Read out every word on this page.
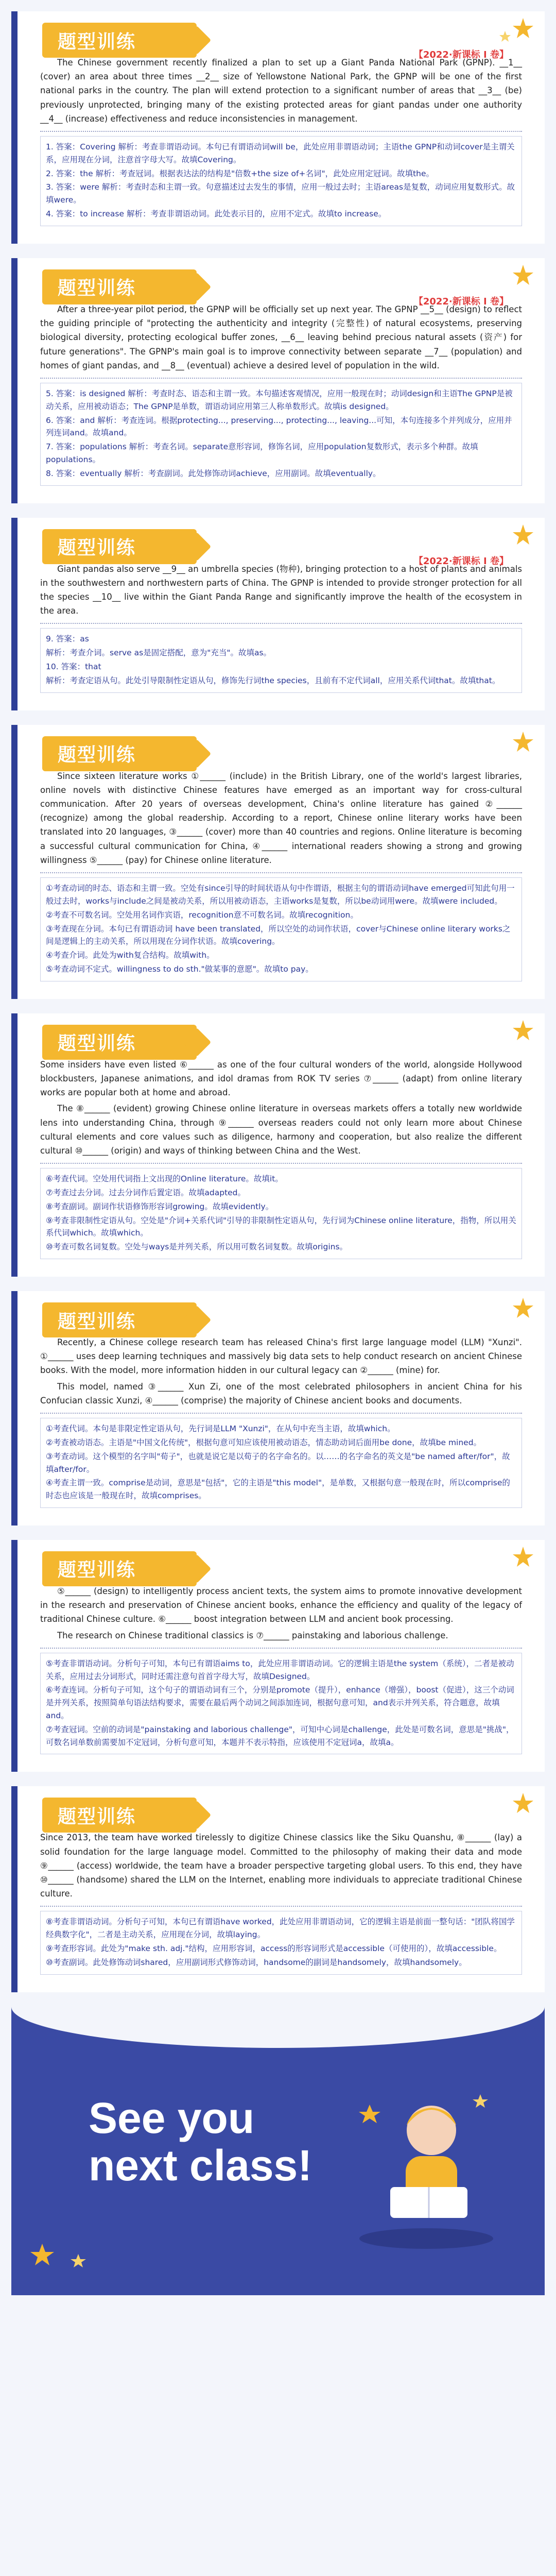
题型训练
【2022·新课标 I 卷】

The Chinese government recently finalized a plan to set up a Giant Panda National Park (GPNP). __1__ (cover) an area about three times __2__ size of Yellowstone National Park, the GPNP will be one of the first national parks in the country. The plan will extend protection to a significant number of areas that __3__ (be) previously unprotected, bringing many of the existing protected areas for giant pandas under one authority __4__ (increase) effectiveness and reduce inconsistencies in management.

1. 答案：Covering 解析：考查非谓语动词。本句已有谓语动词will be，此处应用非谓语动词；主语the GPNP和动词cover是主谓关系，应用现在分词，注意首字母大写。故填Covering。

2. 答案：the 解析：考查冠词。根据表达法的结构是"倍数+the size of+名词"，此处应用定冠词。故填the。

3. 答案：were 解析：考查时态和主谓一致。句意描述过去发生的事情，应用一般过去时；主语areas是复数，动词应用复数形式。故填were。

4. 答案：to increase 解析：考查非谓语动词。此处表示目的，应用不定式。故填to increase。

题型训练
【2022·新课标 I 卷】

After a three-year pilot period, the GPNP will be officially set up next year. The GPNP __5__ (design) to reflect the guiding principle of "protecting the authenticity and integrity (完整性) of natural ecosystems, preserving biological diversity, protecting ecological buffer zones, __6__ leaving behind precious natural assets (资产) for future generations". The GPNP's main goal is to improve connectivity between separate __7__ (population) and homes of giant pandas, and __8__ (eventual) achieve a desired level of population in the wild.

5. 答案：is designed 解析：考查时态、语态和主谓一致。本句描述客观情况，应用一般现在时；动词design和主语The GPNP是被动关系，应用被动语态；The GPNP是单数，谓语动词应用第三人称单数形式。故填is designed。

6. 答案：and 解析：考查连词。根据protecting..., preserving..., protecting..., leaving...可知，本句连接多个并列成分，应用并列连词and。故填and。

7. 答案：populations 解析：考查名词。separate意形容词，修饰名词，应用population复数形式，表示多个种群。故填populations。

8. 答案：eventually 解析：考查副词。此处修饰动词achieve，应用副词。故填eventually。

题型训练
【2022·新课标 I 卷】

Giant pandas also serve __9__ an umbrella species (物种), bringing protection to a host of plants and animals in the southwestern and northwestern parts of China. The GPNP is intended to provide stronger protection for all the species __10__ live within the Giant Panda Range and significantly improve the health of the ecosystem in the area.

9. 答案：as

解析：考查介词。serve as是固定搭配，意为"充当"。故填as。

10. 答案：that

解析：考查定语从句。此处引导限制性定语从句，修饰先行词the species，且前有不定代词all，应用关系代词that。故填that。

题型训练

Since sixteen literature works ①______ (include) in the British Library, one of the world's largest libraries, online novels with distinctive Chinese features have emerged as an important way for cross-cultural communication. After 20 years of overseas development, China's online literature has gained ②______ (recognize) among the global readership. According to a report, Chinese online literary works have been translated into 20 languages, ③______ (cover) more than 40 countries and regions. Online literature is becoming a successful cultural communication for China, ④______ international readers showing a strong and growing willingness ⑤______ (pay) for Chinese online literature.

①考查动词的时态、语态和主谓一致。空处有since引导的时间状语从句中作谓语，根据主句的谓语动词have emerged可知此句用一般过去时，works与include之间是被动关系，所以用被动语态，主语works是复数，所以be动词用were。故填were included。

②考查不可数名词。空处用名词作宾语，recognition意不可数名词。故填recognition。

③考查现在分词。本句已有谓语动词 have been translated，所以空处的动词作状语，cover与Chinese online literary works之间是逻辑上的主动关系，所以用现在分词作状语。故填covering。

④考查介词。此处为with复合结构。故填with。

⑤考查动词不定式。willingness to do sth."做某事的意愿"。故填to pay。

题型训练

Some insiders have even listed ⑥______ as one of the four cultural wonders of the world, alongside Hollywood blockbusters, Japanese animations, and idol dramas from ROK TV series ⑦______ (adapt) from online literary works are popular both at home and abroad.

The ⑧______ (evident) growing Chinese online literature in overseas markets offers a totally new worldwide lens into understanding China, through ⑨______ overseas readers could not only learn more about Chinese cultural elements and core values such as diligence, harmony and cooperation, but also realize the different cultural ⑩______ (origin) and ways of thinking between China and the West.

⑥考查代词。空处用代词指上文出现的Online literature。故填it。

⑦考查过去分词。过去分词作后置定语。故填adapted。

⑧考查副词。副词作状语修饰形容词growing。故填evidently。

⑨考查非限制性定语从句。空处是"介词+关系代词"引导的非限制性定语从句，先行词为Chinese online literature，指物，所以用关系代词which。故填which。

⑩考查可数名词复数。空处与ways是并列关系，所以用可数名词复数。故填origins。

题型训练

Recently, a Chinese college research team has released China's first large language model (LLM) "Xunzi". ①______ uses deep learning techniques and massively big data sets to help conduct research on ancient Chinese books. With the model, more information hidden in our cultural legacy can ②______ (mine) for.

This model, named ③______ Xun Zi, one of the most celebrated philosophers in ancient China for his Confucian classic Xunzi, ④______ (comprise) the majority of Chinese ancient books and documents.

①考查代词。本句是非限定性定语从句，先行词是LLM "Xunzi"，在从句中充当主语，故填which。

②考查被动语态。主语是"中国文化传统"，根据句意可知应该使用被动语态，情态助动词后面用be done，故填be mined。

③考查动词。这个模型的名字叫"荀子"，也就是说它是以荀子的名字命名的。以……的名字命名的英文是"be named after/for"，故填after/for。

④考查主谓一致。comprise是动词，意思是"包括"，它的主语是"this model"，是单数，又根据句意一般现在时，所以comprise的时态也应该是一般现在时，故填comprises。

题型训练

⑤______ (design) to intelligently process ancient texts, the system aims to promote innovative development in the research and preservation of Chinese ancient books, enhance the efficiency and quality of the legacy of traditional Chinese culture. ⑥______ boost integration between LLM and ancient book processing.

The research on Chinese traditional classics is ⑦______ painstaking and laborious challenge.

⑤考查非谓语动词。分析句子可知，本句已有谓语aims to，此处应用非谓语动词。它的逻辑主语是the system（系统），二者是被动关系，应用过去分词形式，同时还需注意句首首字母大写，故填Designed。

⑥考查连词。分析句子可知，这个句子的谓语动词有三个，分别是promote（提升），enhance（增强），boost（促进），这三个动词是并列关系，按照简单句语法结构要求，需要在最后两个动词之间添加连词，根据句意可知，and表示并列关系，符合题意，故填and。

⑦考查冠词。空前的动词是"painstaking and laborious challenge"，可知中心词是challenge，此处是可数名词，意思是"挑战"，可数名词单数前需要加不定冠词，分析句意可知，本题并不表示特指，应该使用不定冠词a，故填a。

题型训练

Since 2013, the team have worked tirelessly to digitize Chinese classics like the Siku Quanshu, ⑧______ (lay) a solid foundation for the large language model. Committed to the philosophy of making their data and mode ⑨______ (access) worldwide, the team have a broader perspective targeting global users. To this end, they have ⑩______ (handsome) shared the LLM on the Internet, enabling more individuals to appreciate traditional Chinese culture.

⑧考查非谓语动词。分析句子可知，本句已有谓语have worked，此处应用非谓语动词，它的逻辑主语是前面一整句话："团队将国学经典数字化"，二者是主动关系，应用现在分词，故填laying。

⑨考查形容词。此处为"make sth. adj."结构，应用形容词，access的形容词形式是accessible（可使用的），故填accessible。

⑩考查副词。此处修饰动词shared，应用副词形式修饰动词，handsome的副词是handsomely，故填handsomely。

See you
next class!
